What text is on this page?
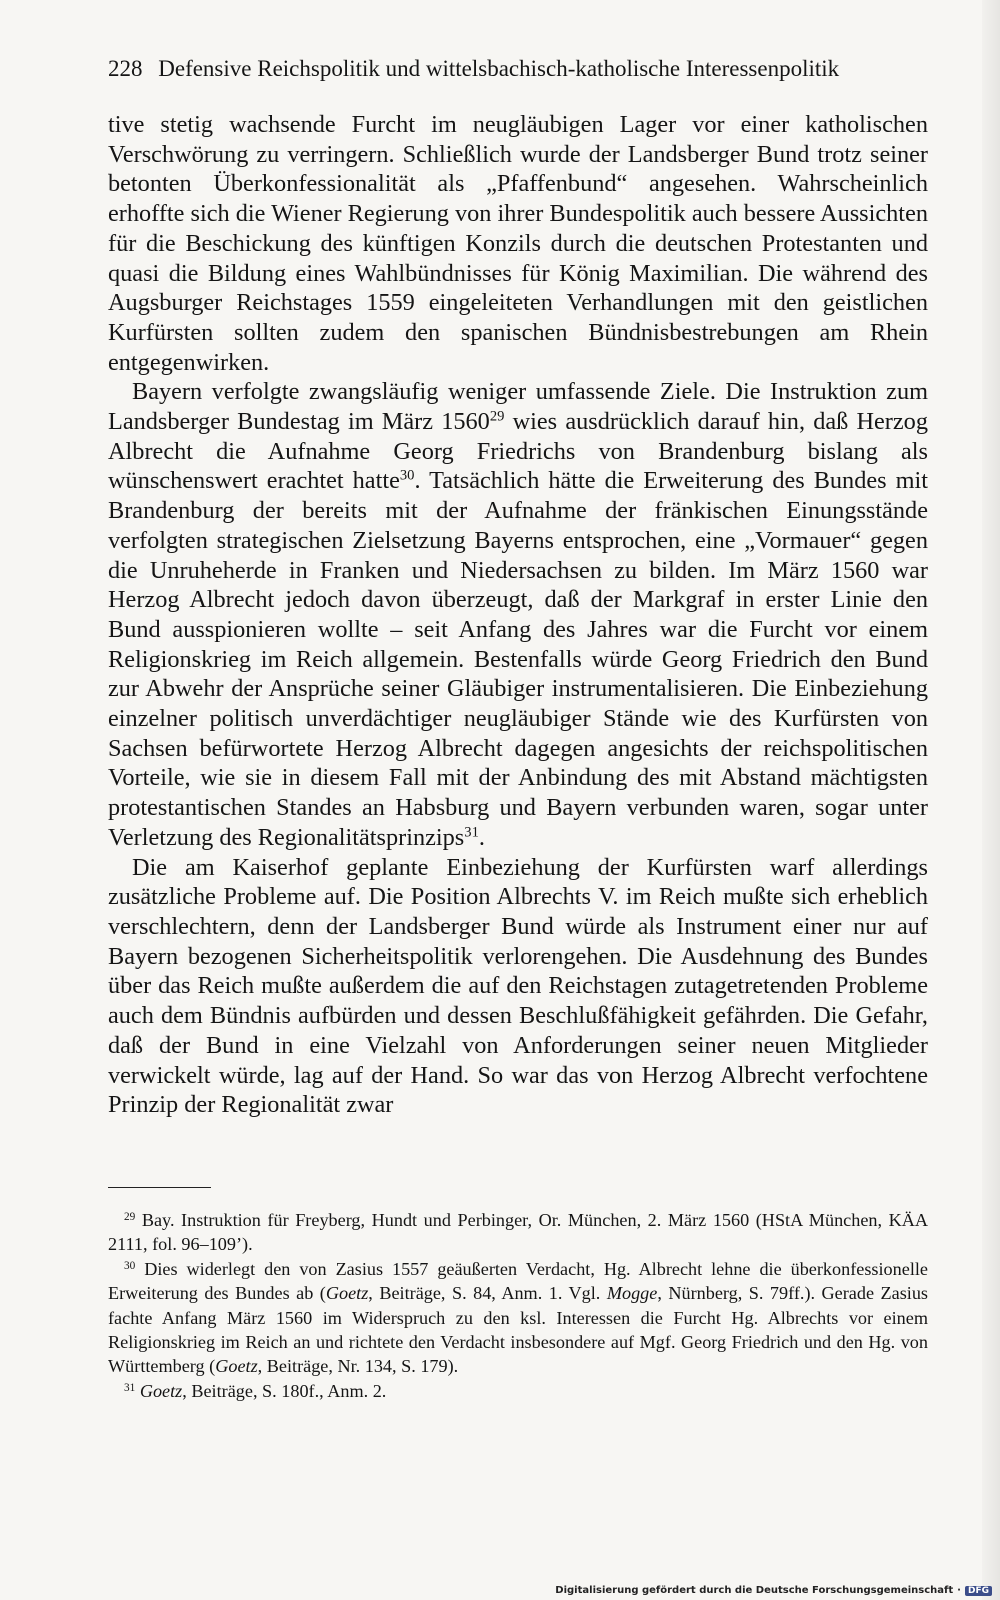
228 Defensive Reichspolitik und wittelsbachisch-katholische Interessenpolitik

tive stetig wachsende Furcht im neugläubigen Lager vor einer katholischen Verschwörung zu verringern. Schließlich wurde der Landsberger Bund trotz seiner betonten Überkonfessionalität als „Pfaffenbund“ angesehen. Wahrscheinlich erhoffte sich die Wiener Regierung von ihrer Bundespolitik auch bessere Aussichten für die Beschickung des künftigen Konzils durch die deutschen Protestanten und quasi die Bildung eines Wahlbündnisses für König Maximilian. Die während des Augsburger Reichstages 1559 eingeleiteten Verhandlungen mit den geistlichen Kurfürsten sollten zudem den spanischen Bündnisbestrebungen am Rhein entgegenwirken.

Bayern verfolgte zwangsläufig weniger umfassende Ziele. Die Instruktion zum Landsberger Bundestag im März 1560$^{29}$ wies ausdrücklich darauf hin, daß Herzog Albrecht die Aufnahme Georg Friedrichs von Brandenburg bislang als wünschenswert erachtet hatte$^{30}$. Tatsächlich hätte die Erweiterung des Bundes mit Brandenburg der bereits mit der Aufnahme der fränkischen Einungsstände verfolgten strategischen Zielsetzung Bayerns entsprochen, eine „Vormauer“ gegen die Unruheherde in Franken und Niedersachsen zu bilden. Im März 1560 war Herzog Albrecht jedoch davon überzeugt, daß der Markgraf in erster Linie den Bund ausspionieren wollte – seit Anfang des Jahres war die Furcht vor einem Religionskrieg im Reich allgemein. Bestenfalls würde Georg Friedrich den Bund zur Abwehr der Ansprüche seiner Gläubiger instrumentalisieren. Die Einbeziehung einzelner politisch unverdächtiger neugläubiger Stände wie des Kurfürsten von Sachsen befürwortete Herzog Albrecht dagegen angesichts der reichspolitischen Vorteile, wie sie in diesem Fall mit der Anbindung des mit Abstand mächtigsten protestantischen Standes an Habsburg und Bayern verbunden waren, sogar unter Verletzung des Regionalitätsprinzips$^{31}$.

Die am Kaiserhof geplante Einbeziehung der Kurfürsten warf allerdings zusätzliche Probleme auf. Die Position Albrechts V. im Reich mußte sich erheblich verschlechtern, denn der Landsberger Bund würde als Instrument einer nur auf Bayern bezogenen Sicherheitspolitik verlorengehen. Die Ausdehnung des Bundes über das Reich mußte außerdem die auf den Reichstagen zutagetretenden Probleme auch dem Bündnis aufbürden und dessen Beschlußfähigkeit gefährden. Die Gefahr, daß der Bund in eine Vielzahl von Anforderungen seiner neuen Mitglieder verwickelt würde, lag auf der Hand. So war das von Herzog Albrecht verfochtene Prinzip der Regionalität zwar

$^{29}$ Bay. Instruktion für Freyberg, Hundt und Perbinger, Or. München, 2. März 1560 (HStA München, KÄA 2111, fol. 96–109’).

$^{30}$ Dies widerlegt den von Zasius 1557 geäußerten Verdacht, Hg. Albrecht lehne die überkonfessionelle Erweiterung des Bundes ab (Goetz, Beiträge, S. 84, Anm. 1. Vgl. Mogge, Nürnberg, S. 79ff.). Gerade Zasius fachte Anfang März 1560 im Widerspruch zu den ksl. Interessen die Furcht Hg. Albrechts vor einem Religionskrieg im Reich an und richtete den Verdacht insbesondere auf Mgf. Georg Friedrich und den Hg. von Württemberg (Goetz, Beiträge, Nr. 134, S. 179).

$^{31}$ Goetz, Beiträge, S. 180f., Anm. 2.

Digitalisierung gefördert durch die Deutsche Forschungsgemeinschaft · DFG
